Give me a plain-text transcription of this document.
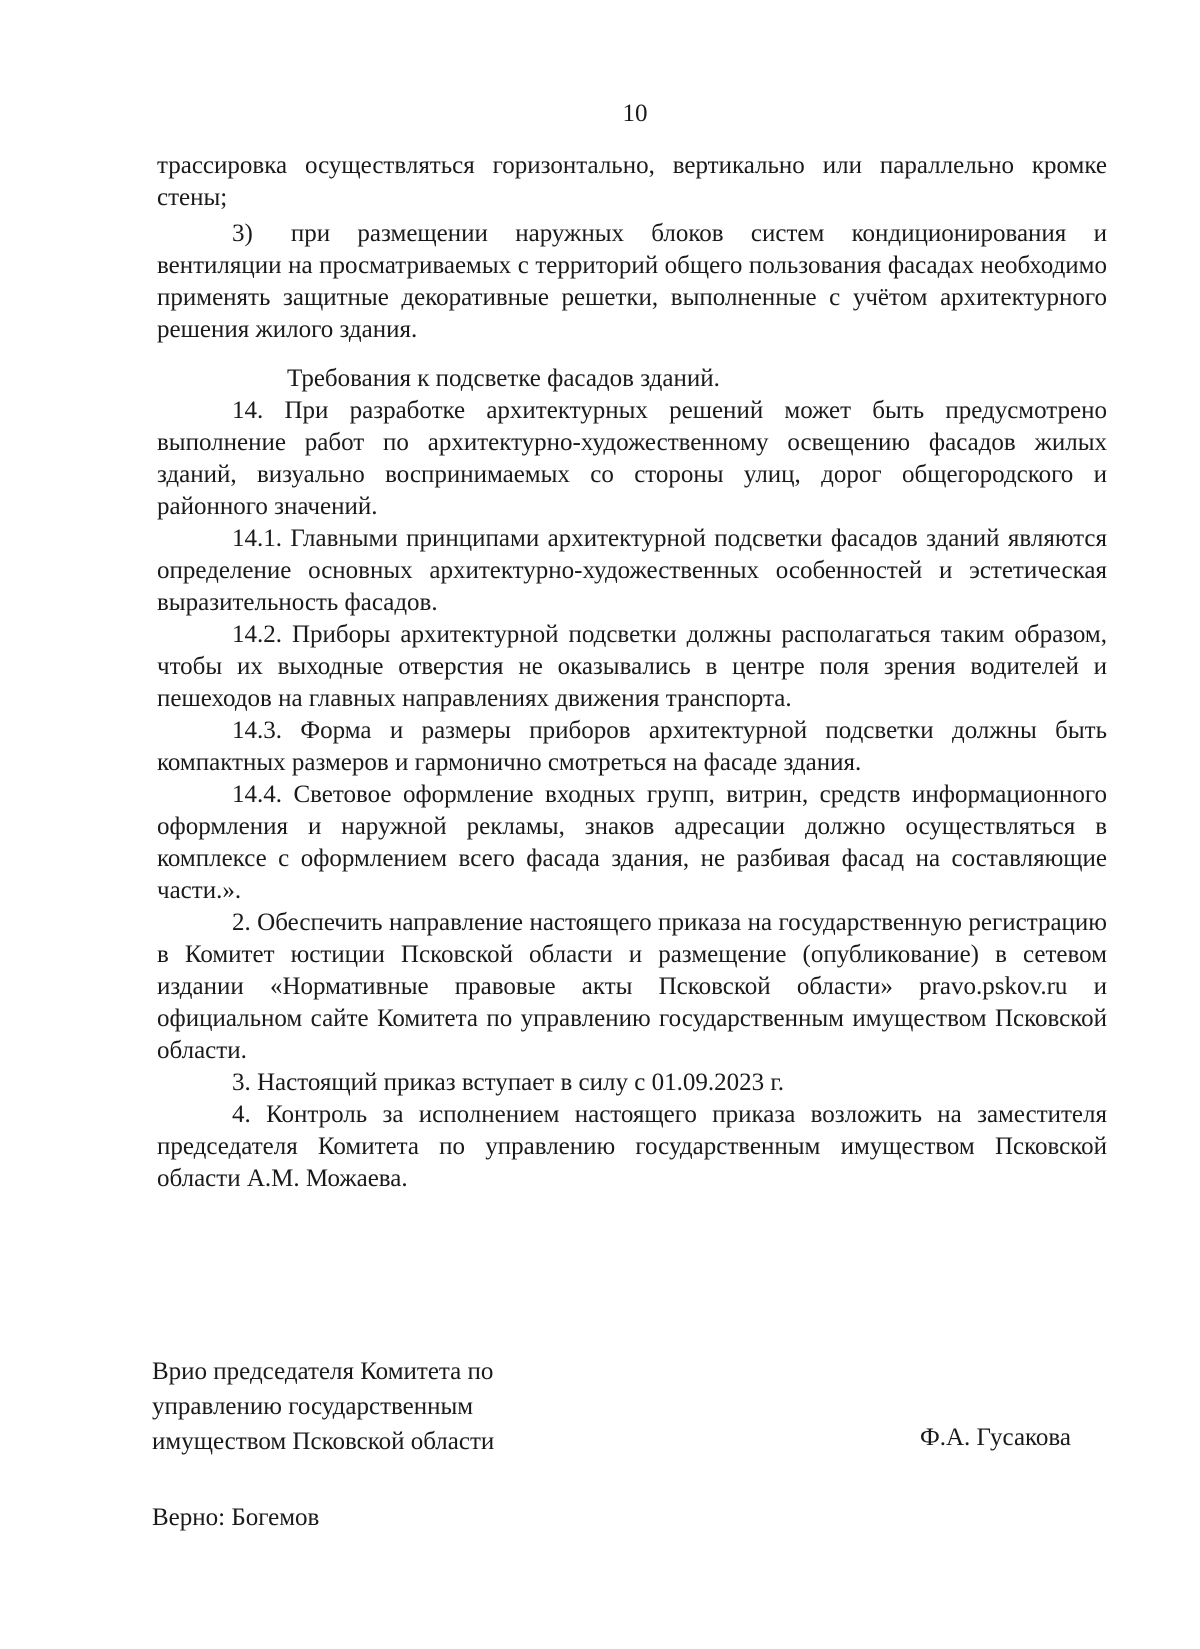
10

трассировка осуществляться горизонтально, вертикально или параллельно кромке стены;

3) при размещении наружных блоков систем кондиционирования и вентиляции на просматриваемых с территорий общего пользования фасадах необходимо применять защитные декоративные решетки, выполненные с учётом архитектурного решения жилого здания.

Требования к подсветке фасадов зданий.

14. При разработке архитектурных решений может быть предусмотрено выполнение работ по архитектурно-художественному освещению фасадов жилых зданий, визуально воспринимаемых со стороны улиц, дорог общегородского и районного значений.

14.1. Главными принципами архитектурной подсветки фасадов зданий являются определение основных архитектурно-художественных особенностей и эстетическая выразительность фасадов.

14.2. Приборы архитектурной подсветки должны располагаться таким образом, чтобы их выходные отверстия не оказывались в центре поля зрения водителей и пешеходов на главных направлениях движения транспорта.

14.3. Форма и размеры приборов архитектурной подсветки должны быть компактных размеров и гармонично смотреться на фасаде здания.

14.4. Световое оформление входных групп, витрин, средств информационного оформления и наружной рекламы, знаков адресации должно осуществляться в комплексе с оформлением всего фасада здания, не разбивая фасад на составляющие части.».

2. Обеспечить направление настоящего приказа на государственную регистрацию в Комитет юстиции Псковской области и размещение (опубликование) в сетевом издании «Нормативные правовые акты Псковской области» pravo.pskov.ru и официальном сайте Комитета по управлению государственным имуществом Псковской области.

3. Настоящий приказ вступает в силу с 01.09.2023 г.

4. Контроль за исполнением настоящего приказа возложить на заместителя председателя Комитета по управлению государственным имуществом Псковской области А.М. Можаева.

Врио председателя Комитета по
управлению государственным
имуществом Псковской области	Ф.А. Гусакова
Верно: Богемов
